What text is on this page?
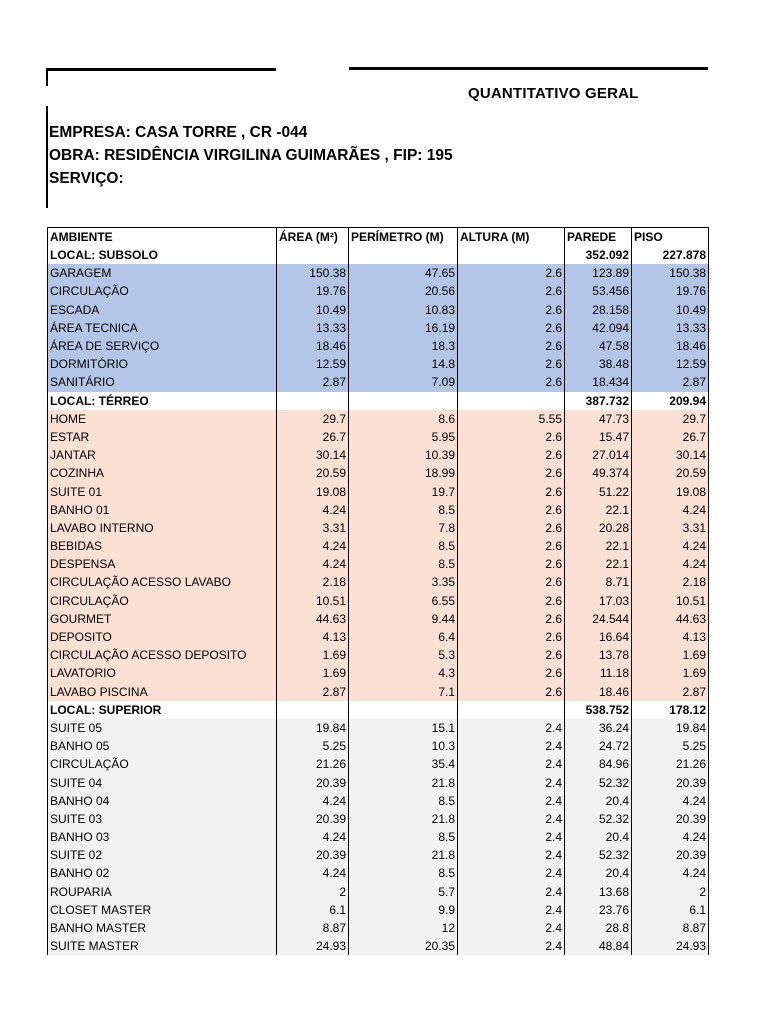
QUANTITATIVO GERAL
EMPRESA: CASA TORRE , CR -044
OBRA: RESIDÊNCIA VIRGILINA GUIMARÃES , FIP: 195
SERVIÇO:
AMBIENTE	ÁREA (M²)	PERÍMETRO (M)	ALTURA (M)	PAREDE	PISO
LOCAL: SUBSOLO				352.092	227.878
GARAGEM	150.38	47.65	2.6	123.89	150.38
CIRCULAÇÃO	19.76	20.56	2.6	53.456	19.76
ESCADA	10.49	10.83	2.6	28.158	10.49
ÁREA TECNICA	13.33	16.19	2.6	42.094	13.33
ÁREA DE SERVIÇO	18.46	18.3	2.6	47.58	18.46
DORMITÓRIO	12.59	14.8	2.6	38.48	12.59
SANITÁRIO	2.87	7.09	2.6	18.434	2.87
LOCAL: TÉRREO				387.732	209.94
HOME	29.7	8.6	5.55	47.73	29.7
ESTAR	26.7	5.95	2.6	15.47	26.7
JANTAR	30.14	10.39	2.6	27.014	30.14
COZINHA	20.59	18.99	2.6	49.374	20.59
SUITE 01	19.08	19.7	2.6	51.22	19.08
BANHO 01	4.24	8.5	2.6	22.1	4.24
LAVABO INTERNO	3.31	7.8	2.6	20.28	3.31
BEBIDAS	4.24	8.5	2.6	22.1	4.24
DESPENSA	4.24	8.5	2.6	22.1	4.24
CIRCULAÇÃO ACESSO LAVABO	2.18	3.35	2.6	8.71	2.18
CIRCULAÇÃO	10.51	6.55	2.6	17.03	10.51
GOURMET	44.63	9.44	2.6	24.544	44.63
DEPOSITO	4.13	6.4	2.6	16.64	4.13
CIRCULAÇÃO ACESSO DEPOSITO	1.69	5.3	2.6	13.78	1.69
LAVATORIO	1.69	4.3	2.6	11.18	1.69
LAVABO PISCINA	2.87	7.1	2.6	18.46	2.87
LOCAL: SUPERIOR				538.752	178.12
SUITE 05	19.84	15.1	2.4	36.24	19.84
BANHO 05	5.25	10.3	2.4	24.72	5.25
CIRCULAÇÃO	21.26	35.4	2.4	84.96	21.26
SUITE 04	20.39	21.8	2.4	52.32	20.39
BANHO 04	4.24	8.5	2.4	20.4	4.24
SUITE 03	20.39	21.8	2.4	52.32	20.39
BANHO 03	4.24	8.5	2.4	20.4	4.24
SUITE 02	20.39	21.8	2.4	52.32	20.39
BANHO 02	4.24	8.5	2.4	20.4	4.24
ROUPARIA	2	5.7	2.4	13.68	2
CLOSET MASTER	6.1	9.9	2.4	23.76	6.1
BANHO MASTER	8.87	12	2.4	28.8	8.87
SUITE MASTER	24.93	20.35	2.4	48.84	24.93
